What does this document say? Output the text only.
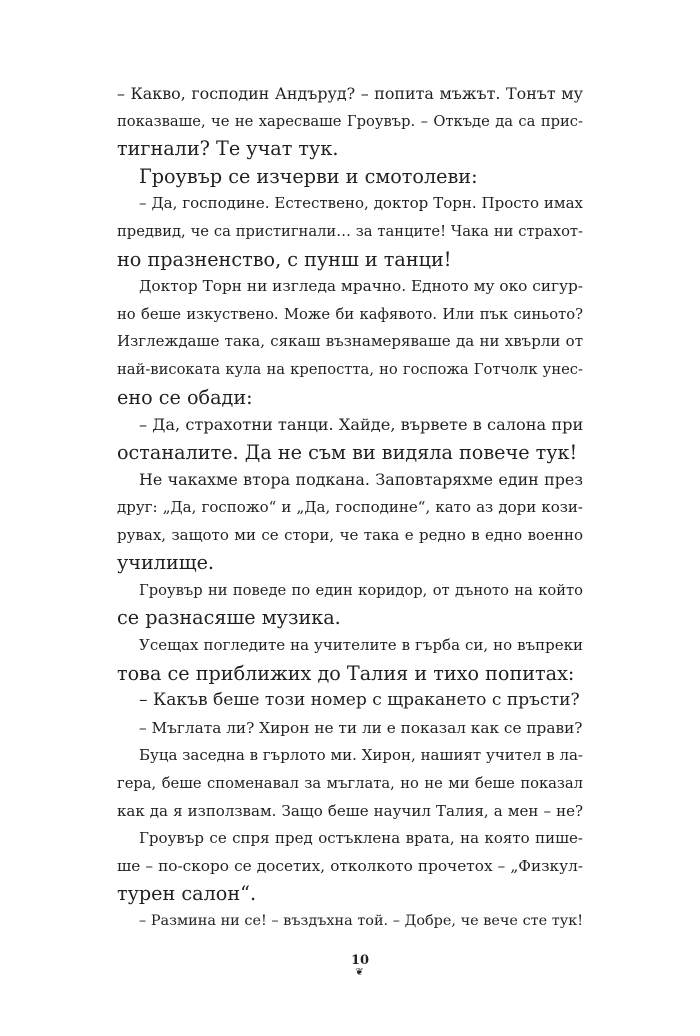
– Какво, господин Андъруд? – попита мъжът. Тонът му
показваше, че не харесваше Гроувър. – Откъде да са прис-
тигнали? Те учат тук.
Гроувър се изчерви и смотолеви:
– Да, господине. Естествено, доктор Торн. Просто имах
предвид, че са пристигнали… за танците! Чака ни страхот-
но празненство, с пунш и танци!
Доктор Торн ни изгледа мрачно. Едното му око сигур-
но беше изкуствено. Може би кафявото. Или пък синьото?
Изглеждаше така, сякаш възнамеряваше да ни хвърли от
най-високата кула на крепостта, но госпожа Готчолк унес-
ено се обади:
– Да, страхотни танци. Хайде, вървете в салона при
останалите. Да не съм ви видяла повече тук!
Не чакахме втора подкана. Заповтаряхме един през
друг: „Да, госпожо“ и „Да, господине“, като аз дори кози-
рувах, защото ми се стори, че така е редно в едно военно
училище.
Гроувър ни поведе по един коридор, от дъното на който
се разнасяше музика.
Усещах погледите на учителите в гърба си, но въпреки
това се приближих до Талия и тихо попитах:
– Какъв беше този номер с щракането с пръсти?
– Мъглата ли? Хирон не ти ли е показал как се прави?
Буца заседна в гърлото ми. Хирон, нашият учител в ла-
гера, беше споменавал за мъглата, но не ми беше показал
как да я използвам. Защо беше научил Талия, а мен – не?
Гроувър се спря пред остъклена врата, на която пише-
ше – по-скоро се досетих, отколкото прочетох – „Физкул-
турен салон“.
– Размина ни се! – въздъхна той. – Добре, че вече сте тук!
10
❦
